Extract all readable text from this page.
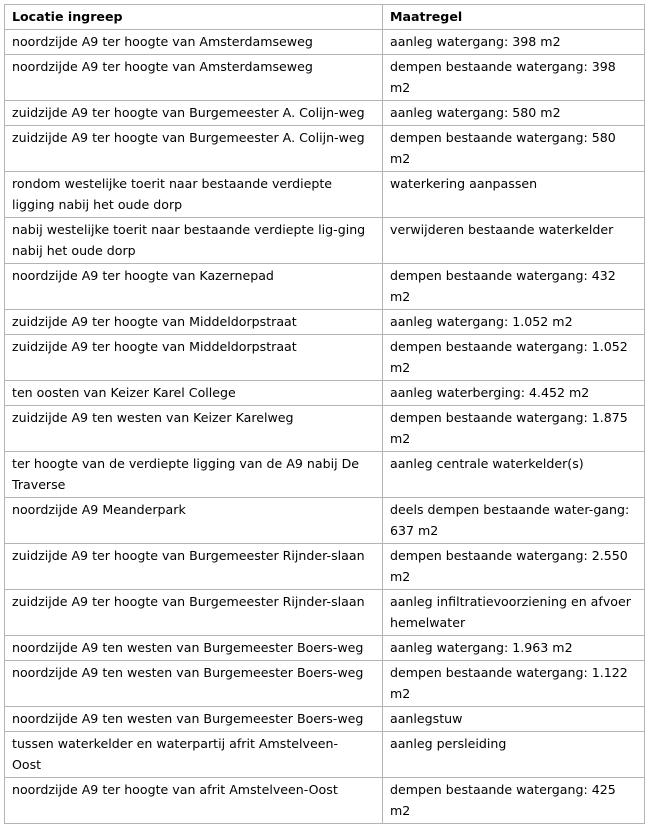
Locatie ingreep	Maatregel
noordzijde A9 ter hoogte van Amsterdamseweg	aanleg watergang: 398 m2
noordzijde A9 ter hoogte van Amsterdamseweg	dempen bestaande watergang: 398 m2
zuidzijde A9 ter hoogte van Burgemeester A. Colijn-weg	aanleg watergang: 580 m2
zuidzijde A9 ter hoogte van Burgemeester A. Colijn-weg	dempen bestaande watergang: 580 m2
rondom westelijke toerit naar bestaande verdiepte ligging nabij het oude dorp	waterkering aanpassen
nabij westelijke toerit naar bestaande verdiepte lig-ging nabij het oude dorp	verwijderen bestaande waterkelder
noordzijde A9 ter hoogte van Kazernepad	dempen bestaande watergang: 432 m2
zuidzijde A9 ter hoogte van Middeldorpstraat	aanleg watergang: 1.052 m2
zuidzijde A9 ter hoogte van Middeldorpstraat	dempen bestaande watergang: 1.052 m2
ten oosten van Keizer Karel College	aanleg waterberging: 4.452 m2
zuidzijde A9 ten westen van Keizer Karelweg	dempen bestaande watergang: 1.875 m2
ter hoogte van de verdiepte ligging van de A9 nabij De Traverse	aanleg centrale waterkelder(s)
noordzijde A9 Meanderpark	deels dempen bestaande water-gang: 637 m2
zuidzijde A9 ter hoogte van Burgemeester Rijnder-slaan	dempen bestaande watergang: 2.550 m2
zuidzijde A9 ter hoogte van Burgemeester Rijnder-slaan	aanleg infiltratievoorziening en afvoer hemelwater
noordzijde A9 ten westen van Burgemeester Boers-weg	aanleg watergang: 1.963 m2
noordzijde A9 ten westen van Burgemeester Boers-weg	dempen bestaande watergang: 1.122 m2
noordzijde A9 ten westen van Burgemeester Boers-weg	aanlegstuw
tussen waterkelder en waterpartij afrit Amstelveen-Oost	aanleg persleiding
noordzijde A9 ter hoogte van afrit Amstelveen-Oost	dempen bestaande watergang: 425 m2
